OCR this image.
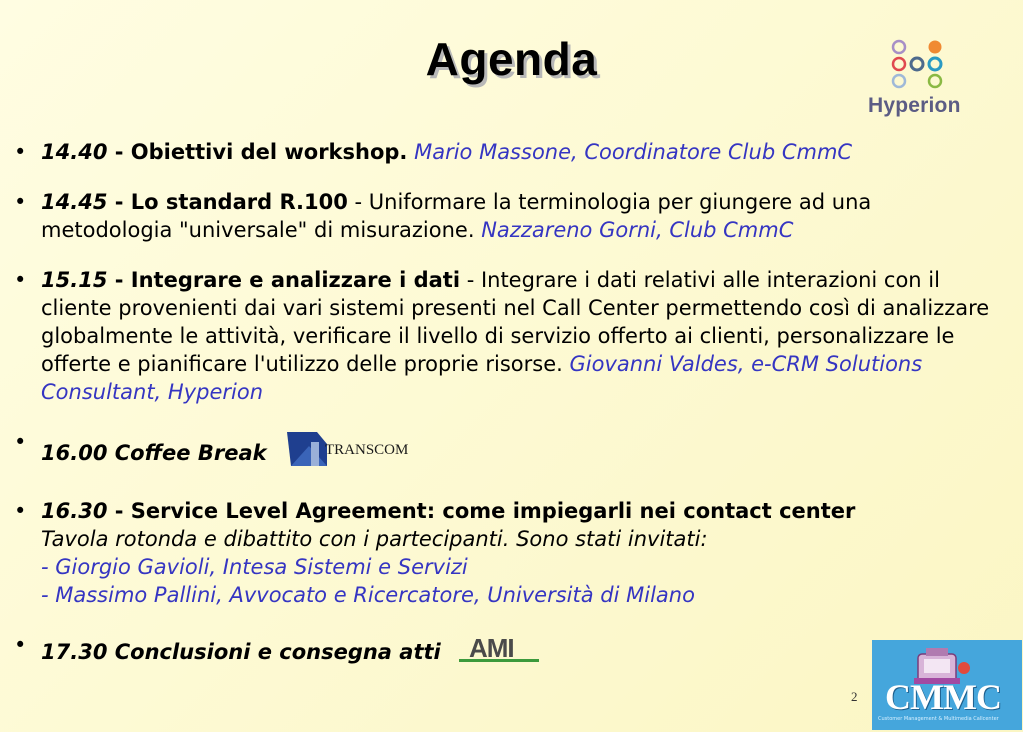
Agenda
Hyperion
• 14.40 - Obiettivi del workshop. Mario Massone, Coordinatore Club CmmC
• 14.45 - Lo standard R.100 - Uniformare la terminologia per giungere ad una metodologia "universale" di misurazione. Nazzareno Gorni, Club CmmC
• 15.15 - Integrare e analizzare i dati - Integrare i dati relativi alle interazioni con il cliente provenienti dai vari sistemi presenti nel Call Center permettendo così di analizzare globalmente le attività, verificare il livello di servizio offerto ai clienti, personalizzare le offerte e pianificare l'utilizzo delle proprie risorse. Giovanni Valdes, e-CRM Solutions Consultant, Hyperion
• 16.00 Coffee Break	TRANSCOM
• 16.30 - Service Level Agreement: come impiegarli nei contact center
Tavola rotonda e dibattito con i partecipanti. Sono stati invitati:
- Giorgio Gavioli, Intesa Sistemi e Servizi
- Massimo Pallini, Avvocato e Ricercatore, Università di Milano
• 17.30 Conclusioni e consegna atti AMI
2 CMMC
Customer Management & Multimedia Callcenter
